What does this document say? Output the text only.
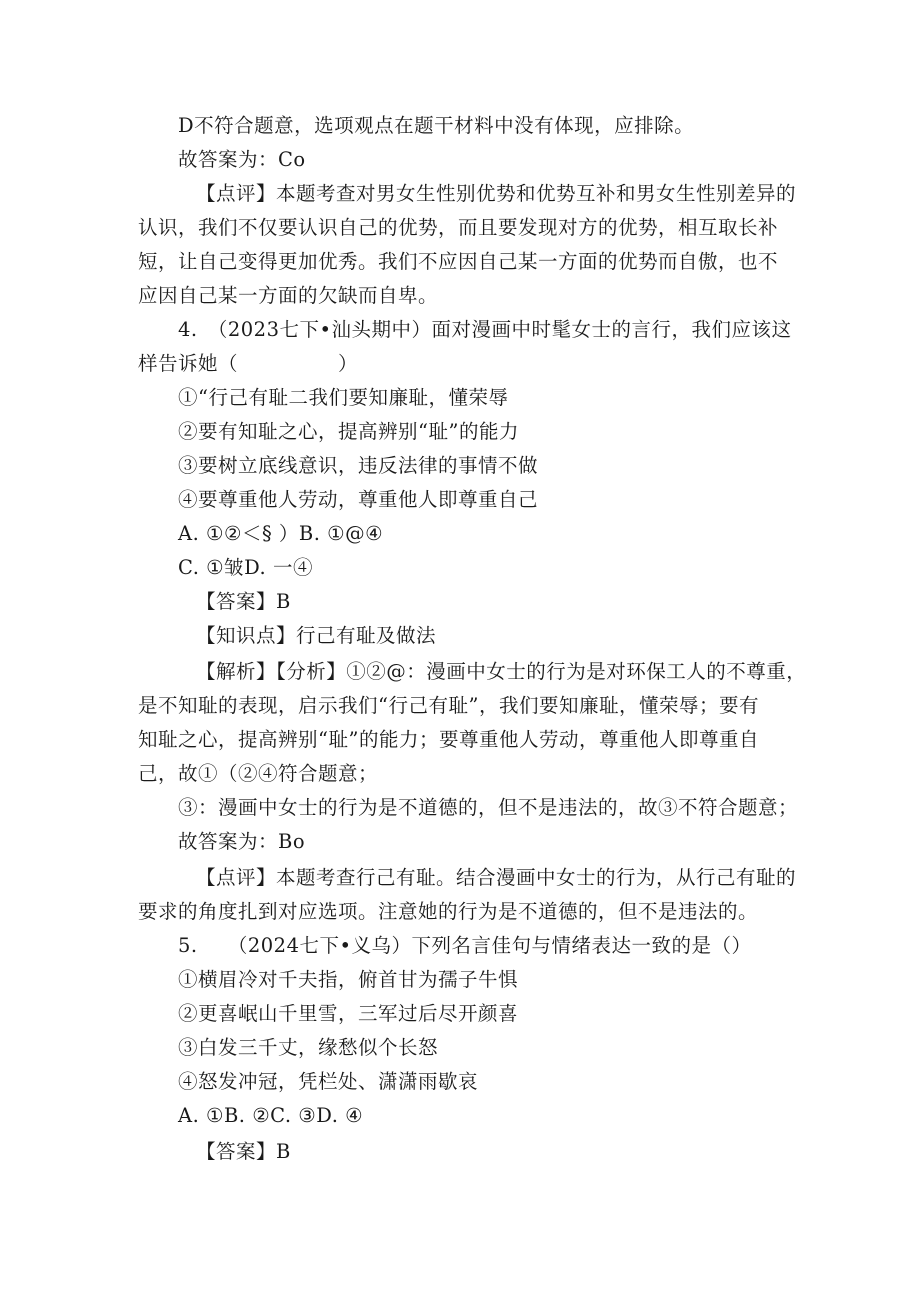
D不符合题意，选项观点在题干材料中没有体现，应排除。
故答案为：Co
【点评】本题考查对男女生性别优势和优势互补和男女生性别差异的
认识，我们不仅要认识自己的优势，而且要发现对方的优势，相互取长补
短，让自己变得更加优秀。我们不应因自己某一方面的优势而自傲，也不
应因自己某一方面的欠缺而自卑。
4.　（2023七下•汕头期中）面对漫画中时髦女士的言行，我们应该这
样告诉她（　　　　　）
①“行己有耻二我们要知廉耻，懂荣辱
②要有知耻之心，提高辨别“耻”的能力
③要树立底线意识，违反法律的事情不做
④要尊重他人劳动，尊重他人即尊重自己
A. ①②＜§ ）B. ①@④
C. ①皱D. 一④
【答案】B
【知识点】行己有耻及做法
【解析】【分析】①②@：漫画中女士的行为是对环保工人的不尊重，
是不知耻的表现，启示我们“行己有耻”，我们要知廉耻，懂荣辱；要有
知耻之心，提高辨别“耻”的能力；要尊重他人劳动，尊重他人即尊重自
己，故①（②④符合题意；
③：漫画中女士的行为是不道德的，但不是违法的，故③不符合题意；
故答案为：Bo
【点评】本题考查行己有耻。结合漫画中女士的行为，从行己有耻的
要求的角度扎到对应选项。注意她的行为是不道德的，但不是违法的。
5.　　（2024七下•义乌）下列名言佳句与情绪表达一致的是（）
①横眉冷对千夫指，俯首甘为孺子牛惧
②更喜岷山千里雪，三军过后尽开颜喜
③白发三千丈，缘愁似个长怒
④怒发冲冠，凭栏处、潇潇雨歇哀
A. ①B. ②C. ③D. ④
【答案】B
